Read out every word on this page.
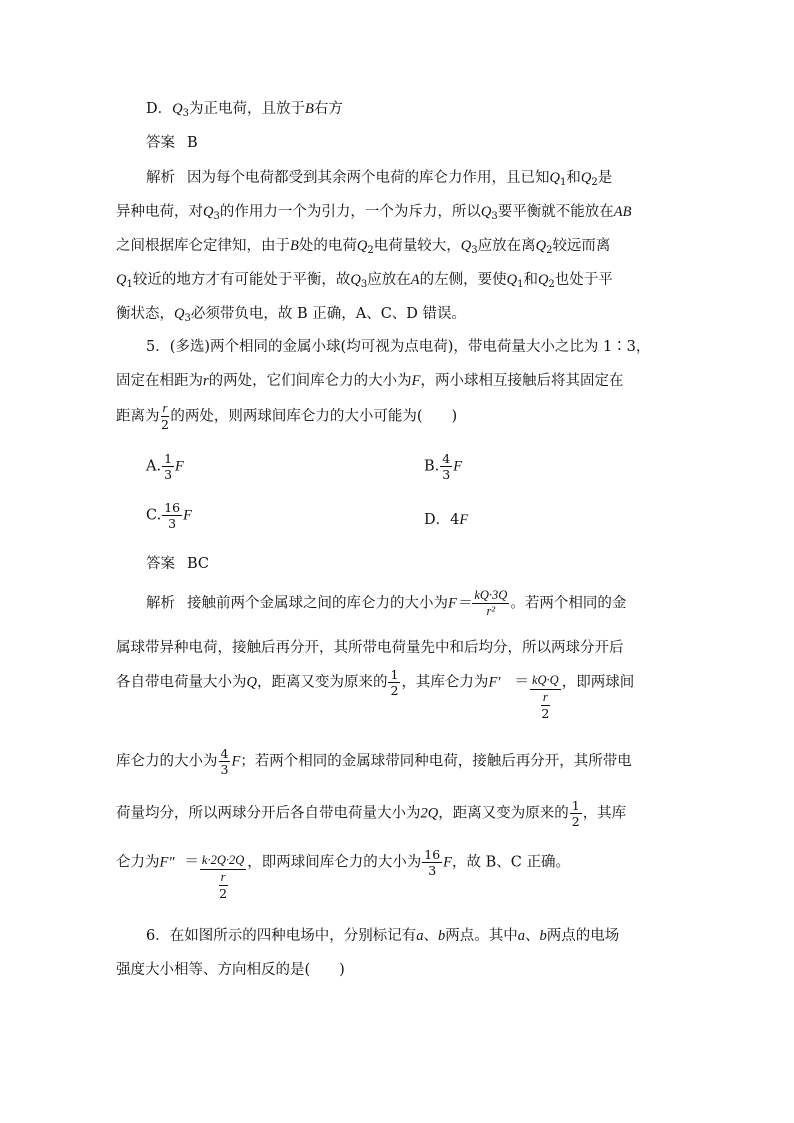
D．$Q_3$为正电荷，且放于B右方
答案 B
解析 因为每个电荷都受到其余两个电荷的库仑力作用，且已知$Q_1$和$Q_2$是
异种电荷，对$Q_3$的作用力一个为引力，一个为斥力，所以$Q_3$要平衡就不能放在AB
之间根据库仑定律知，由于B处的电荷$Q_2$电荷量较大，$Q_3$应放在离$Q_2$较远而离
$Q_1$较近的地方才有可能处于平衡，故$Q_3$应放在A的左侧，要使$Q_1$和$Q_2$也处于平
衡状态，$Q_3$必须带负电，故 B 正确，A、C、D 错误。
5．(多选)两个相同的金属小球(均可视为点电荷)，带电荷量大小之比为 1∶3，
固定在相距为r的两处，它们间库仑力的大小为F，两小球相互接触后将其固定在
距离为 $\frac{r}{2}$ 的两处，则两球间库仑力的大小可能为(　　)
A. $\frac{1}{3}$ F	B. $\frac{4}{3}$ F
C. $\frac{16}{3}$ F	D．4F
答案 BC
解析 接触前两个金属球之间的库仑力的大小为$F= \frac{kQ\cdot 3Q}{\text{r²}}$ 。若两个相同的金
属球带异种电荷，接触后再分开，其所带电荷量先中和后均分，所以两球分开后
各自带电荷量大小为Q，距离又变为原来的 $\frac{1}{2}$ ，其库仑力为$F' = \frac{kQ\cdot Q}{\frac{r}{2}}$ ，即两球间
库仑力的大小为 $\frac{4}{3}$ F；若两个相同的金属球带同种电荷，接触后再分开，其所带电
荷量均分，所以两球分开后各自带电荷量大小为2Q，距离又变为原来的 $\frac{1}{2}$ ，其库
仑力为$F'' = \frac{k\cdot 2Q\cdot 2Q}{\frac{r}{2}}$ ，即两球间库仑力的大小为 $\frac{16}{3}$ F，故 B、C 正确。
6．在如图所示的四种电场中，分别标记有a、b两点。其中a、b两点的电场
强度大小相等、方向相反的是(　　)
